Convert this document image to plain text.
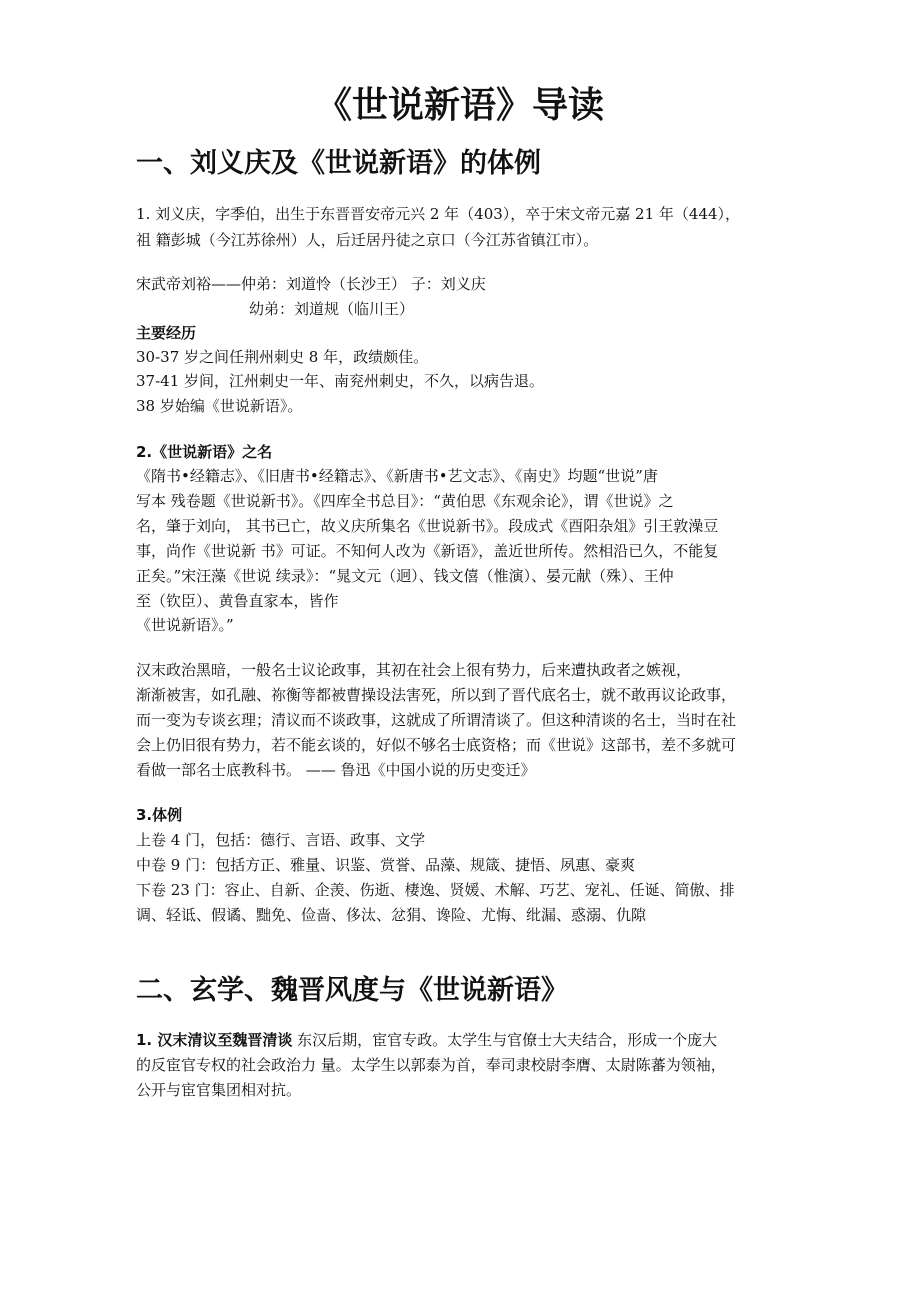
《世说新语》导读
一、刘义庆及《世说新语》的体例
1. 刘义庆，字季伯，出生于东晋晋安帝元兴 2 年（403），卒于宋文帝元嘉 21 年（444），
祖 籍彭城（今江苏徐州）人，后迁居丹徒之京口（今江苏省镇江市）。
宋武帝刘裕——仲弟：刘道怜（长沙王） 子：刘义庆
幼弟：刘道规（临川王）
主要经历
30-37 岁之间任荆州刺史 8 年，政绩颇佳。
37-41 岁间，江州刺史一年、南兖州刺史，不久，以病告退。
38 岁始编《世说新语》。
2.《世说新语》之名
《隋书•经籍志》、《旧唐书•经籍志》、《新唐书•艺文志》、《南史》均题“世说”唐
写本 残卷题《世说新书》。《四库全书总目》：“黄伯思《东观余论》，谓《世说》之
名，肇于刘向， 其书已亡，故义庆所集名《世说新书》。段成式《酉阳杂俎》引王敦澡豆
事，尚作《世说新 书》可证。不知何人改为《新语》，盖近世所传。然相沿已久，不能复
正矣。”宋汪藻《世说 续录》：“晁文元（迥）、钱文僖（惟演）、晏元献（殊）、王仲
至（钦臣）、黄鲁直家本，皆作
《世说新语》。”
汉末政治黑暗，一般名士议论政事，其初在社会上很有势力，后来遭执政者之嫉视，
渐渐被害，如孔融、祢衡等都被曹操设法害死，所以到了晋代底名士，就不敢再议论政事，
而一变为专谈玄理；清议而不谈政事，这就成了所谓清谈了。但这种清谈的名士，当时在社
会上仍旧很有势力，若不能玄谈的，好似不够名士底资格；而《世说》这部书，差不多就可
看做一部名士底教科书。 —— 鲁迅《中国小说的历史变迁》
3.体例
上卷 4 门，包括：德行、言语、政事、文学
中卷 9 门：包括方正、雅量、识鉴、赏誉、品藻、规箴、捷悟、夙惠、豪爽
下卷 23 门：容止、自新、企羡、伤逝、棲逸、贤媛、术解、巧艺、宠礼、任诞、简傲、排
调、轻诋、假谲、黜免、俭啬、侈汰、忿狷、谗险、尤悔、纰漏、惑溺、仇隙
二、玄学、魏晋风度与《世说新语》
1. 汉末清议至魏晋清谈 东汉后期，宦官专政。太学生与官僚士大夫结合，形成一个庞大
的反宦官专权的社会政治力 量。太学生以郭泰为首，奉司隶校尉李膺、太尉陈蕃为领袖，
公开与宦官集团相对抗。
